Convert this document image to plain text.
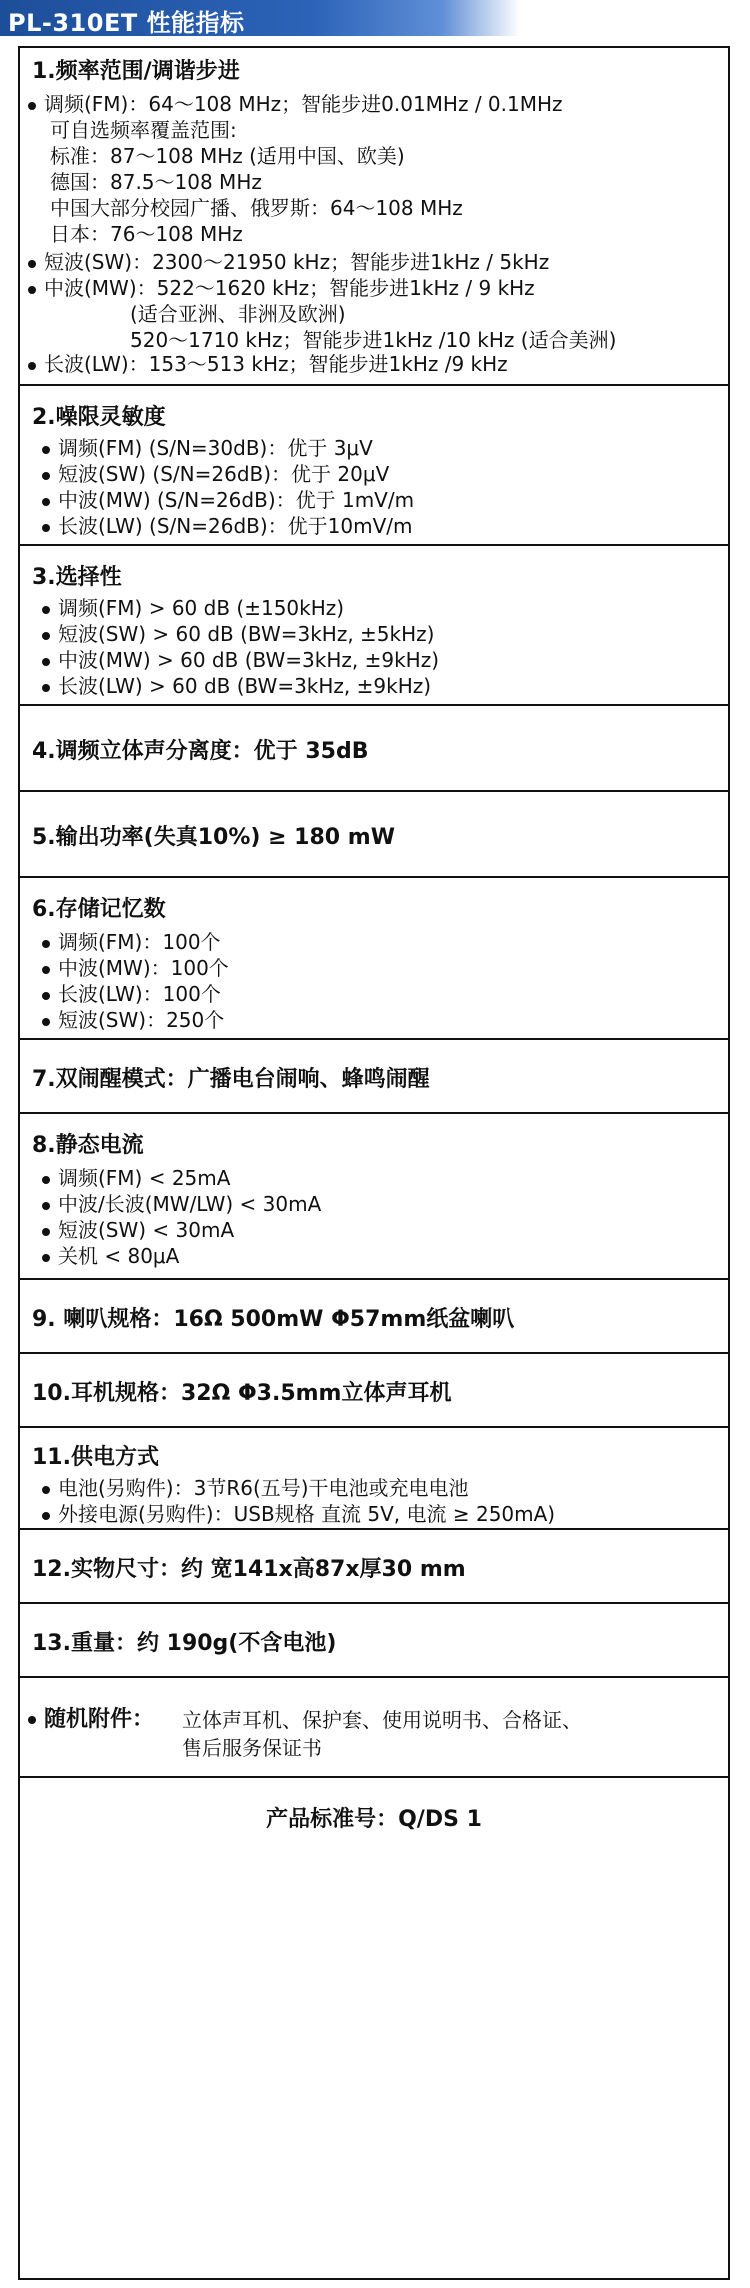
PL-310ET 性能指标
1.频率范围/调谐步进
调频(FM)：64～108 MHz；智能步进0.01MHz / 0.1MHz
可自选频率覆盖范围:
标准：87～108 MHz (适用中国、欧美)
德国：87.5～108 MHz
中国大部分校园广播、俄罗斯：64～108 MHz
日本：76～108 MHz
短波(SW)：2300～21950 kHz；智能步进1kHz / 5kHz
中波(MW)：522～1620 kHz；智能步进1kHz / 9 kHz
(适合亚洲、非洲及欧洲)
520～1710 kHz；智能步进1kHz /10 kHz (适合美洲)
长波(LW)：153～513 kHz；智能步进1kHz /9 kHz
2.噪限灵敏度
调频(FM) (S/N=30dB)：优于 3μV
短波(SW) (S/N=26dB)：优于 20μV
中波(MW) (S/N=26dB)：优于 1mV/m
长波(LW) (S/N=26dB)：优于10mV/m
3.选择性
调频(FM) > 60 dB (±150kHz)
短波(SW) > 60 dB (BW=3kHz, ±5kHz)
中波(MW) > 60 dB (BW=3kHz, ±9kHz)
长波(LW) > 60 dB (BW=3kHz, ±9kHz)
4.调频立体声分离度：优于 35dB
5.输出功率(失真10%) ≥ 180 mW
6.存储记忆数
调频(FM)：100个
中波(MW)：100个
长波(LW)：100个
短波(SW)：250个
7.双闹醒模式：广播电台闹响、蜂鸣闹醒
8.静态电流
调频(FM) < 25mA
中波/长波(MW/LW) < 30mA
短波(SW) < 30mA
关机 < 80μA
9. 喇叭规格：16Ω 500mW Φ57mm纸盆喇叭
10.耳机规格：32Ω Φ3.5mm立体声耳机
11.供电方式
电池(另购件)：3节R6(五号)干电池或充电电池
外接电源(另购件)：USB规格 直流 5V, 电流 ≥ 250mA)
12.实物尺寸：约 宽141x高87x厚30 mm
13.重量：约 190g(不含电池)
随机附件： 立体声耳机、保护套、使用说明书、合格证、
售后服务保证书
产品标准号：Q/DS 1
